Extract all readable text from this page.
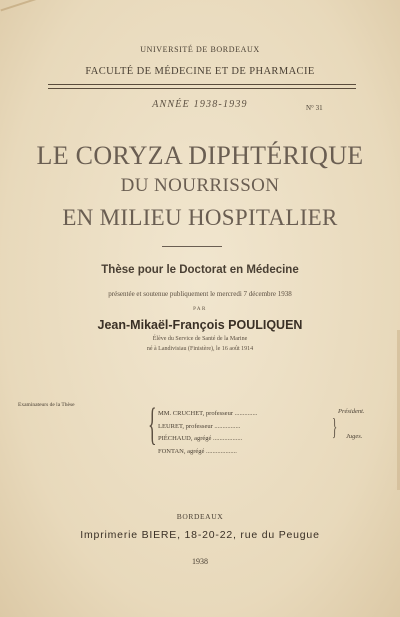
UNIVERSITÉ DE BORDEAUX
FACULTÉ DE MÉDECINE ET DE PHARMACIE
ANNÉE 1938-1939	N° 31
LE CORYZA DIPHTÉRIQUE
DU NOURRISSON
EN MILIEU HOSPITALIER
Thèse pour le Doctorat en Médecine
présentée et soutenue publiquement le mercredi 7 décembre 1938
PAR
Jean-Mikaël-François POULIQUEN
Élève du Service de Santé de la Marine
né à Landivisiau (Finistère), le 16 août 1914
Examinateurs de la Thèse { MM. CRUCHET, professeur ..............
LEURET, professeur ................
PIÉCHAUD, agrégé ..................
FONTAN, agrégé ...................
Président.
} Juges.
BORDEAUX
Imprimerie BIERE, 18-20-22, rue du Peugue
1938
